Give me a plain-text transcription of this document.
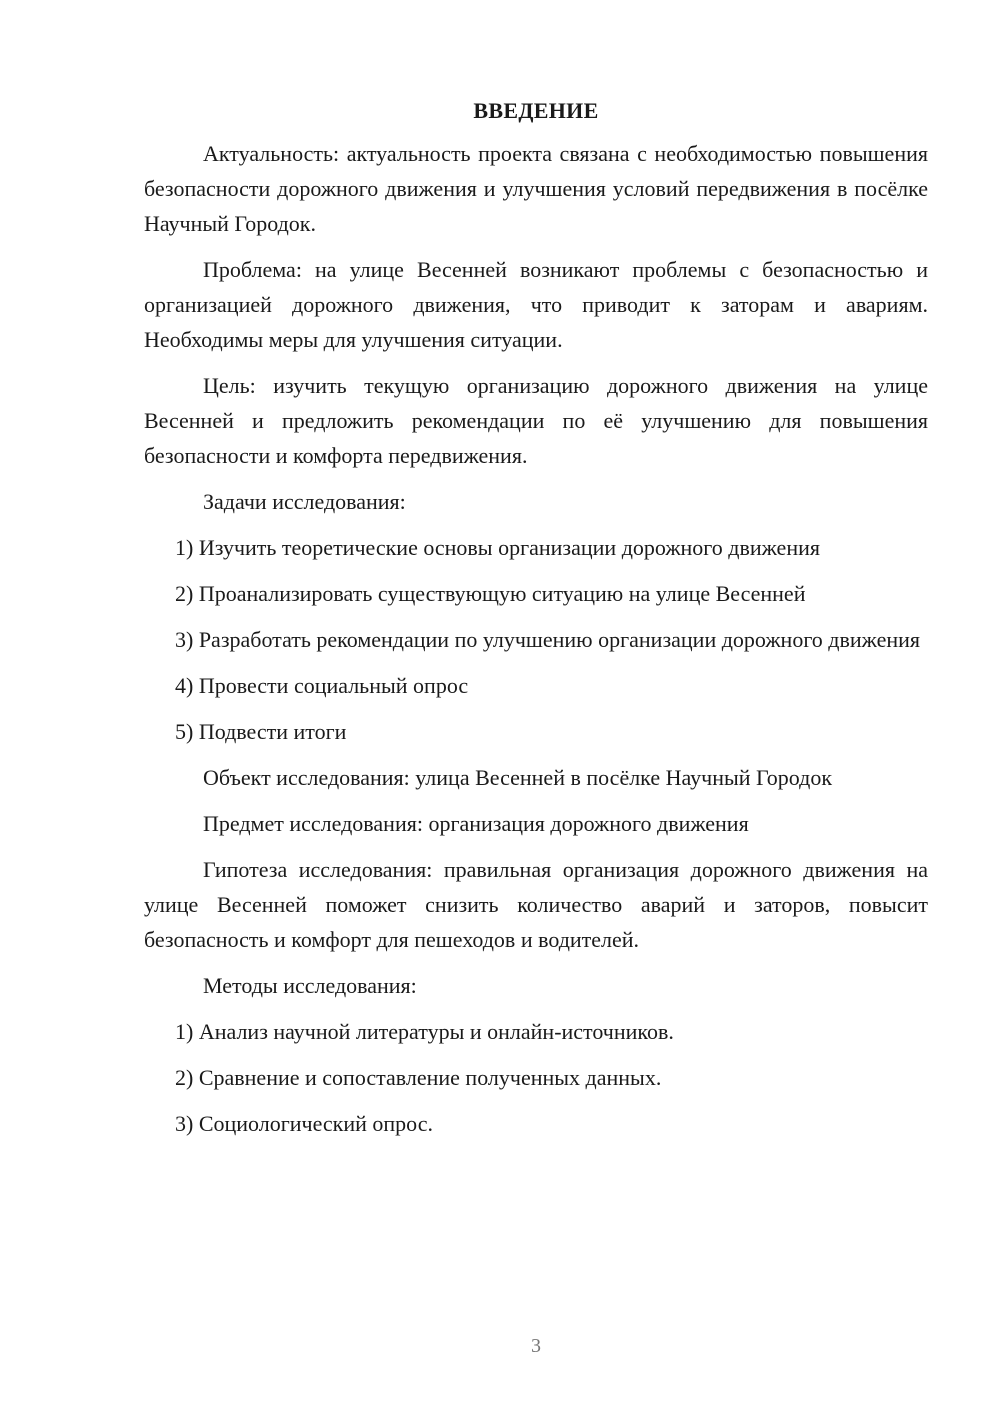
ВВЕДЕНИЕ

Актуальность: актуальность проекта связана с необходимостью повышения безопасности дорожного движения и улучшения условий передвижения в посёлке Научный Городок.

Проблема: на улице Весенней возникают проблемы с безопасностью и организацией дорожного движения, что приводит к заторам и авариям. Необходимы меры для улучшения ситуации.

Цель: изучить текущую организацию дорожного движения на улице Весенней и предложить рекомендации по её улучшению для повышения безопасности и комфорта передвижения.

Задачи исследования:

1) Изучить теоретические основы организации дорожного движения

2) Проанализировать существующую ситуацию на улице Весенней

3) Разработать рекомендации по улучшению организации дорожного движения

4) Провести социальный опрос

5) Подвести итоги

Объект исследования: улица Весенней в посёлке Научный Городок

Предмет исследования: организация дорожного движения

Гипотеза исследования: правильная организация дорожного движения на улице Весенней поможет снизить количество аварий и заторов, повысит безопасность и комфорт для пешеходов и водителей.

Методы исследования:

1) Анализ научной литературы и онлайн-источников.

2) Сравнение и сопоставление полученных данных.

3) Социологический опрос.

3
